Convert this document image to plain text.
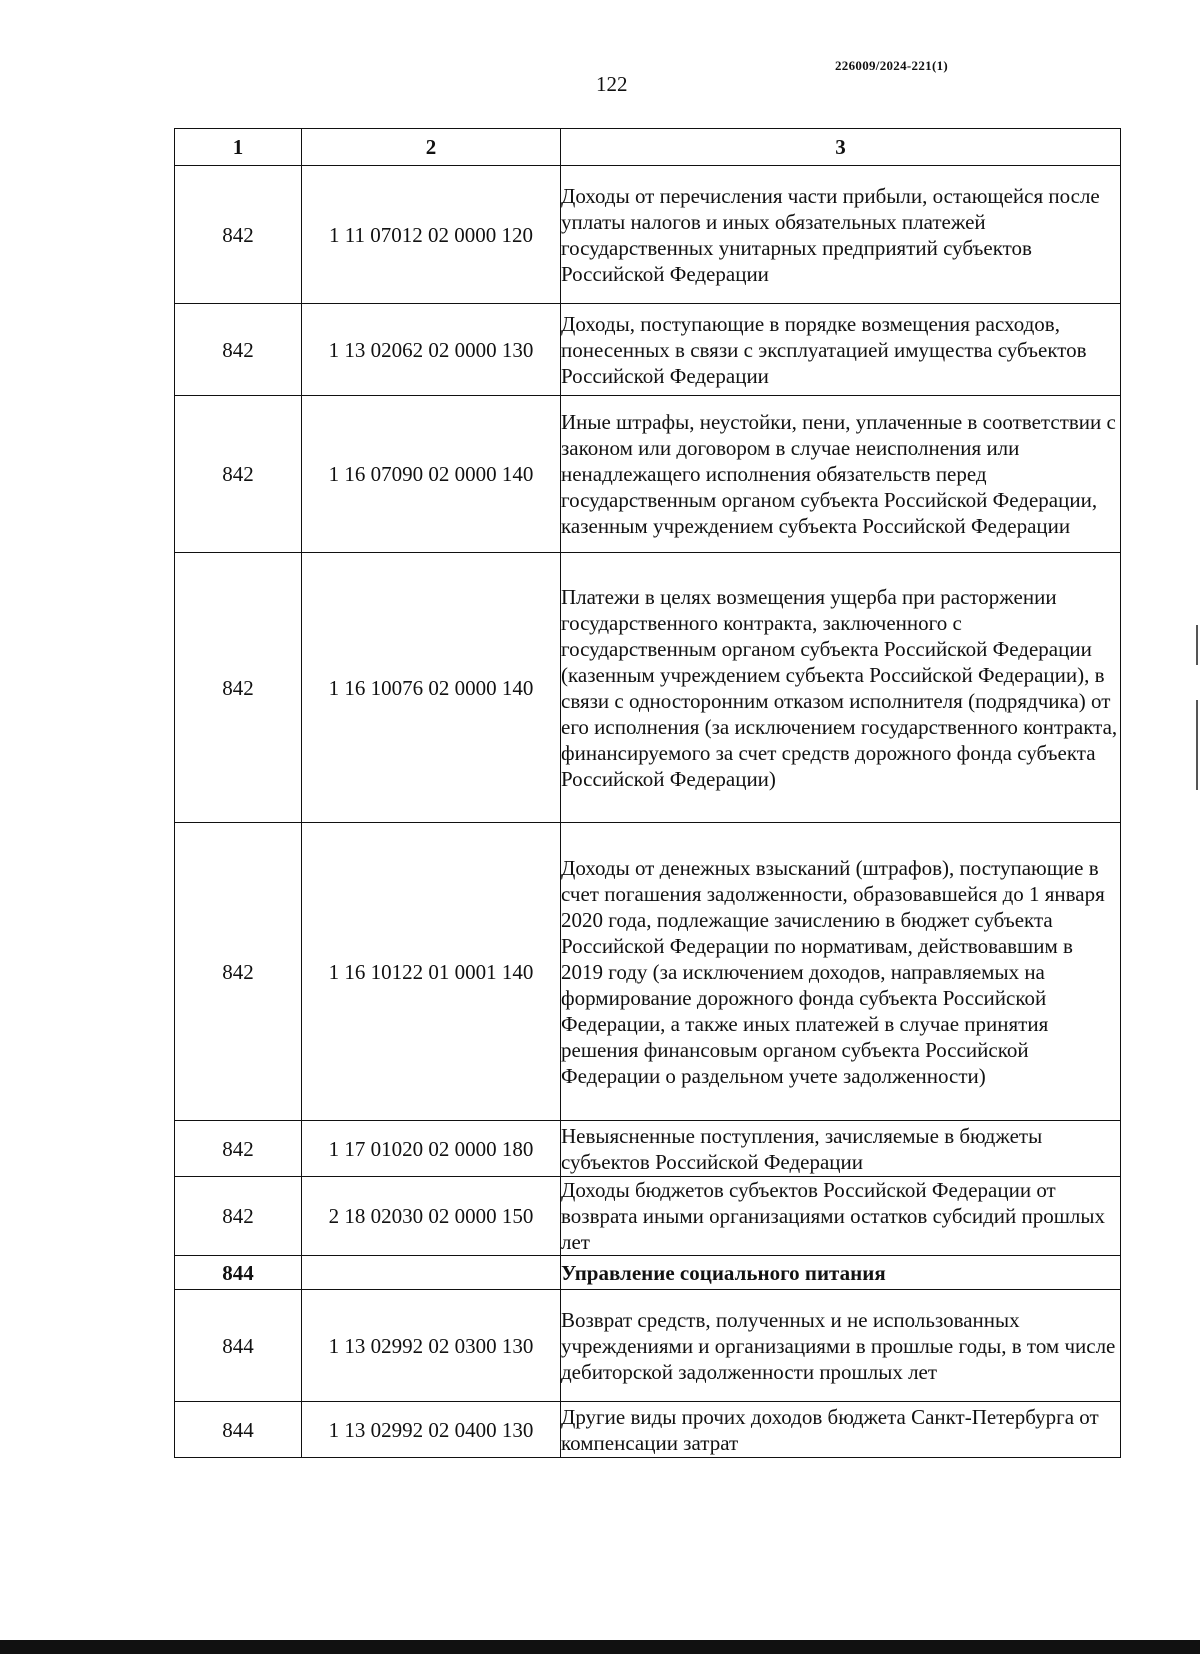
226009/2024-221(1)
122
1	2	3
842	1 11 07012 02 0000 120	Доходы от перечисления части прибыли, остающейся после уплаты налогов и иных обязательных платежей государственных унитарных предприятий субъектов Российской Федерации
842	1 13 02062 02 0000 130	Доходы, поступающие в порядке возмещения расходов, понесенных в связи с эксплуатацией имущества субъектов Российской Федерации
842	1 16 07090 02 0000 140	Иные штрафы, неустойки, пени, уплаченные в соответствии с законом или договором в случае неисполнения или ненадлежащего исполнения обязательств перед государственным органом субъекта Российской Федерации, казенным учреждением субъекта Российской Федерации
842	1 16 10076 02 0000 140	Платежи в целях возмещения ущерба при расторжении государственного контракта, заключенного с государственным органом субъекта Российской Федерации (казенным учреждением субъекта Российской Федерации), в связи с односторонним отказом исполнителя (подрядчика) от его исполнения (за исключением государственного контракта, финансируемого за счет средств дорожного фонда субъекта Российской Федерации)
842	1 16 10122 01 0001 140	Доходы от денежных взысканий (штрафов), поступающие в счет погашения задолженности, образовавшейся до 1 января 2020 года, подлежащие зачислению в бюджет субъекта Российской Федерации по нормативам, действовавшим в 2019 году (за исключением доходов, направляемых на формирование дорожного фонда субъекта Российской Федерации, а также иных платежей в случае принятия решения финансовым органом субъекта Российской Федерации о раздельном учете задолженности)
842	1 17 01020 02 0000 180	Невыясненные поступления, зачисляемые в бюджеты субъектов Российской Федерации
842	2 18 02030 02 0000 150	Доходы бюджетов субъектов Российской Федерации от возврата иными организациями остатков субсидий прошлых лет
844		Управление социального питания
844	1 13 02992 02 0300 130	Возврат средств, полученных и не использованных учреждениями и организациями в прошлые годы, в том числе дебиторской задолженности прошлых лет
844	1 13 02992 02 0400 130	Другие виды прочих доходов бюджета Санкт-Петербурга от компенсации затрат
